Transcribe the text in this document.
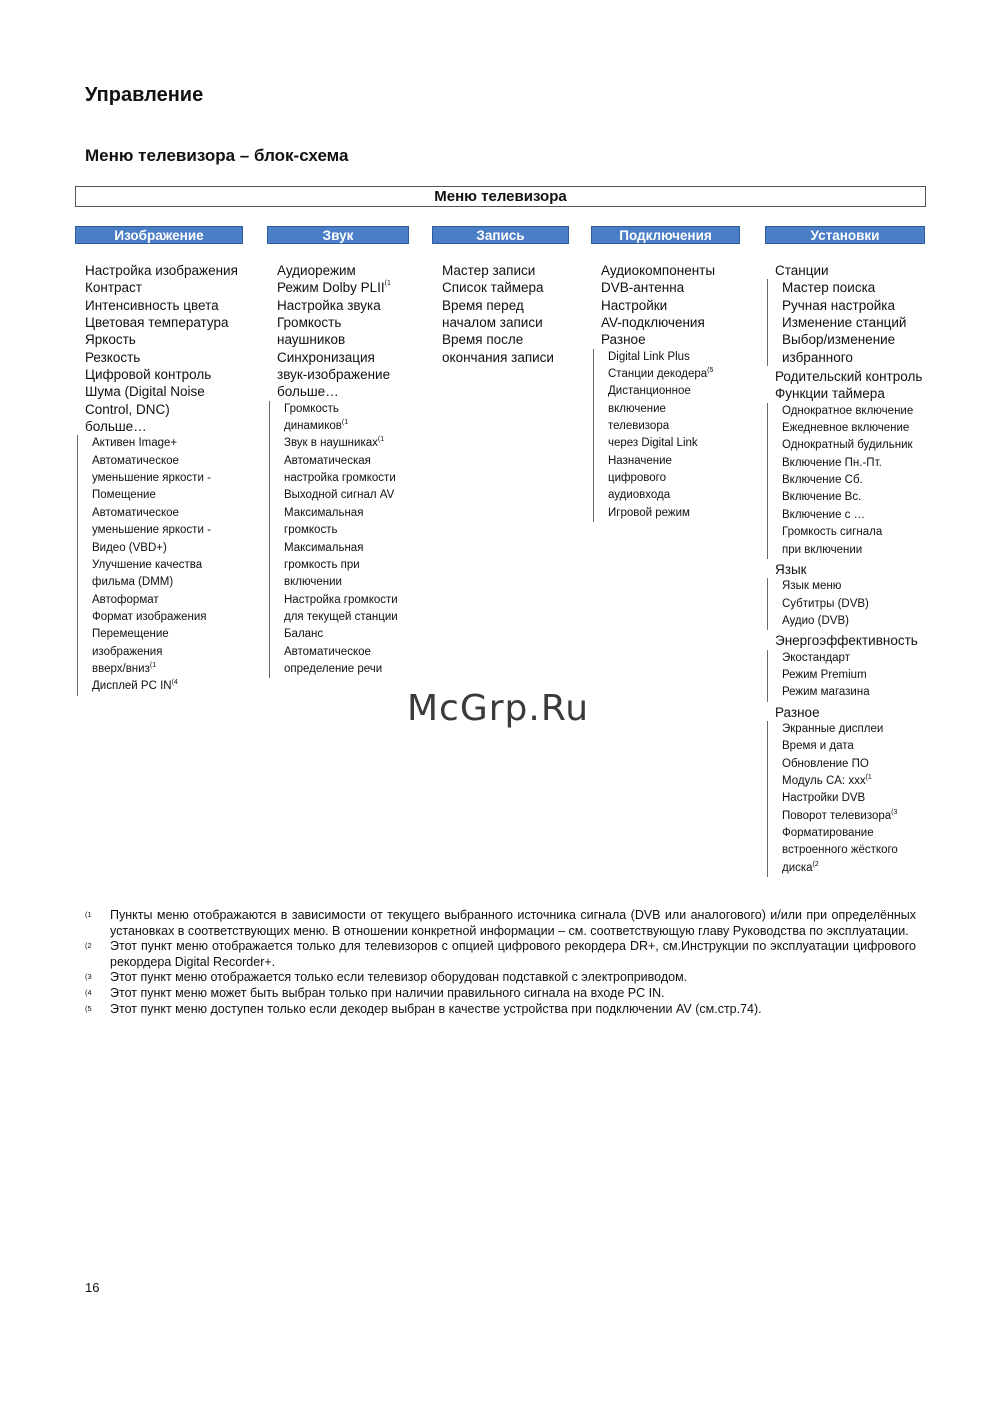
Управление
Меню телевизора – блок-схема
Меню телевизора
Изображение
Настройка изображения
Контраст
Интенсивность цвета
Цветовая температура
Яркость
Резкость
Цифровой контроль
Шума (Digital Noise
Control, DNC)
больше…
Активен Image+
Автоматическое
уменьшение яркости -
Помещение
Автоматическое
уменьшение яркости -
Видео (VBD+)
Улучшение качества
фильма (DMM)
Автоформат
Формат изображения
Перемещение
изображения
вверх/вниз$^{(1}$
Дисплей PC IN$^{(4}$
Звук
Аудиорежим
Режим Dolby PLII$^{(1}$
Настройка звука
Громкость
наушников
Синхронизация
звук-изображение
больше…
Громкость
динамиков$^{(1}$
Звук в наушниках$^{(1}$
Автоматическая
настройка громкости
Выходной сигнал AV
Максимальная
громкость
Максимальная
громкость при
включении
Настройка громкости
для текущей станции
Баланс
Автоматическое
определение речи
Запись
Мастер записи
Список таймера
Время перед
началом записи
Время после
окончания записи
Подключения
Аудиокомпоненты
DVB-антенна
Настройки
AV-подключения
Разное
Digital Link Plus
Станции декодера$^{(5}$
Дистанционное
включение
телевизора
через Digital Link
Назначение
цифрового
аудиовхода
Игровой режим
Установки
Станции
Мастер поиска
Ручная настройка
Изменение станций
Выбор/изменение
избранного
Родительский контроль
Функции таймера
Однократное включение
Ежедневное включение
Однократный будильник
Включение Пн.-Пт.
Включение Сб.
Включение Вс.
Включение с …
Громкость сигнала
при включении
Язык
Язык меню
Субтитры (DVB)
Аудио (DVB)
Энергоэффективность
Экостандарт
Режим Premium
Режим магазина
Разное
Экранные дисплеи
Время и дата
Обновление ПО
Модуль CA: xxx$^{(1}$
Настройки DVB
Поворот телевизора$^{(3}$
Форматирование
встроенного жёсткого
диска$^{(2}$
McGrp.Ru
(1 Пункты меню отображаются в зависимости от текущего выбранного источника сигнала (DVB или аналогового) и/или при определённых установках в соответствующих меню. В отношении конкретной информации – см. соответствующую главу Руководства по эксплуатации.
(2 Этот пункт меню отображается только для телевизоров с опцией цифрового рекордера DR+, см.Инструкции по эксплуатации цифрового рекордера Digital Recorder+.
(3 Этот пункт меню отображается только если телевизор оборудован подставкой с электроприводом.
(4 Этот пункт меню может быть выбран только при наличии правильного сигнала на входе PC IN.
(5 Этот пункт меню доступен только если декодер выбран в качестве устройства при подключении AV (см.стр.74).
16
